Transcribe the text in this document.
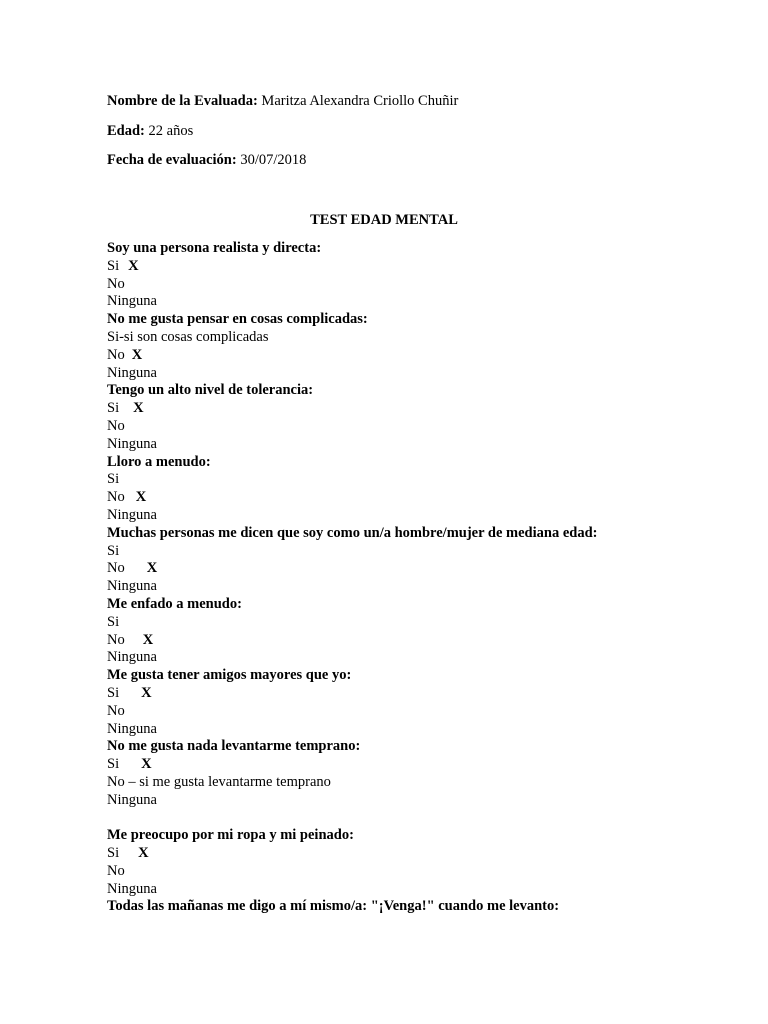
Nombre de la Evaluada: Maritza Alexandra Criollo Chuñir

Edad: 22 años

Fecha de evaluación: 30/07/2018

TEST EDAD MENTAL

Soy una persona realista y directa:
Si X
No
Ninguna
No me gusta pensar en cosas complicadas:
Si-si son cosas complicadas
No X
Ninguna
Tengo un alto nivel de tolerancia:
Si X
No
Ninguna
Lloro a menudo:
Si
No X
Ninguna
Muchas personas me dicen que soy como un/a hombre/mujer de mediana edad:
Si
No X
Ninguna
Me enfado a menudo:
Si
No X
Ninguna
Me gusta tener amigos mayores que yo:
Si X
No
Ninguna
No me gusta nada levantarme temprano:
Si X
No – si me gusta levantarme temprano
Ninguna
Me preocupo por mi ropa y mi peinado:
Si X
No
Ninguna
Todas las mañanas me digo a mí mismo/a: "¡Venga!" cuando me levanto:
